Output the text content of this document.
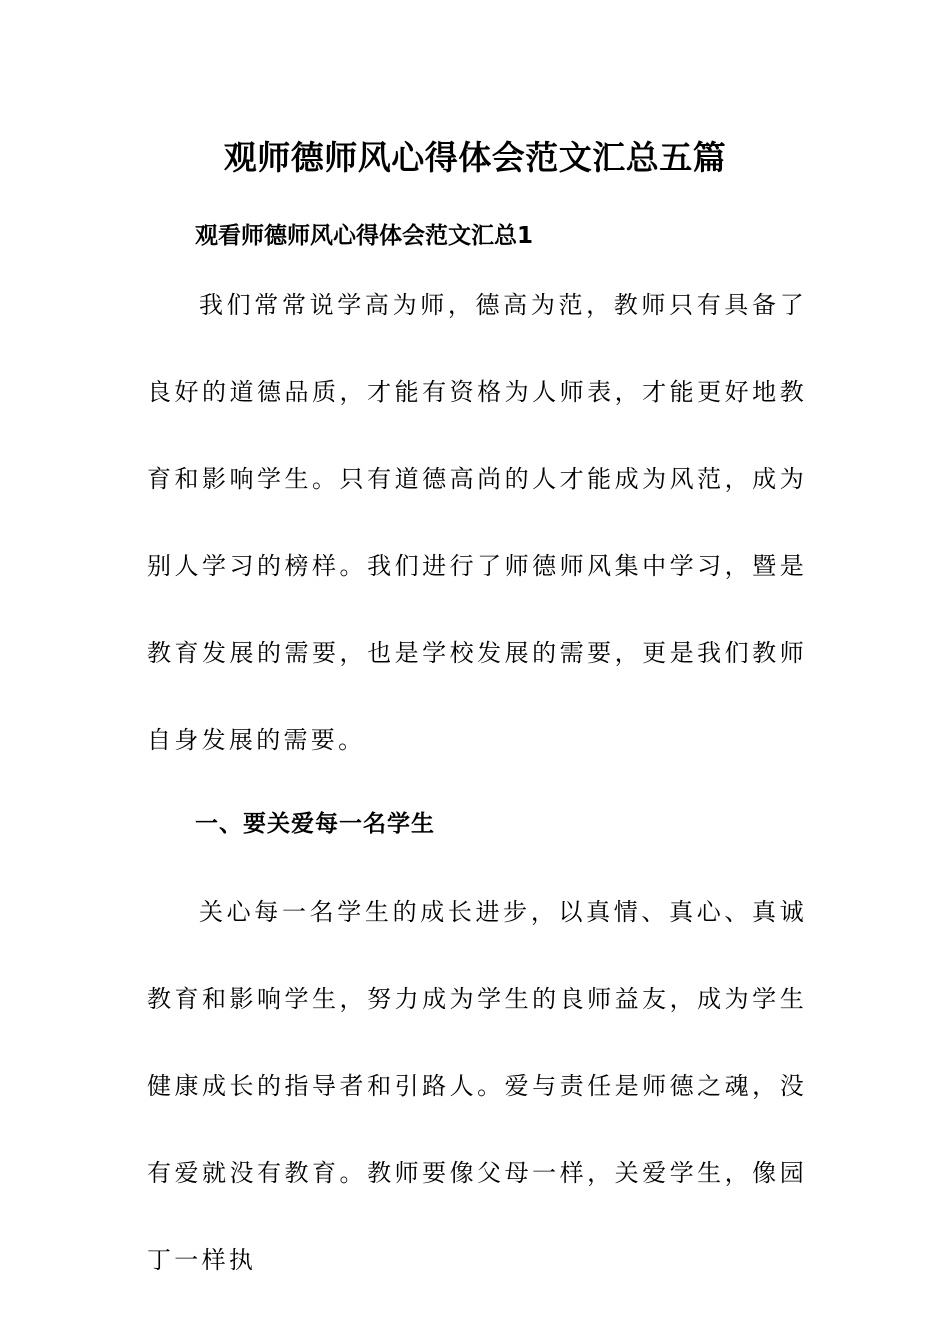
观师德师风心得体会范文汇总五篇
观看师德师风心得体会范文汇总1

我们常常说学高为师，德高为范，教师只有具备了良好的道德品质，才能有资格为人师表，才能更好地教育和影响学生。只有道德高尚的人才能成为风范，成为别人学习的榜样。我们进行了师德师风集中学习，暨是教育发展的需要，也是学校发展的需要，更是我们教师自身发展的需要。

一、要关爱每一名学生

关心每一名学生的成长进步，以真情、真心、真诚教育和影响学生，努力成为学生的良师益友，成为学生健康成长的指导者和引路人。爱与责任是师德之魂，没有爱就没有教育。教师要像父母一样，关爱学生，像园丁一样执
